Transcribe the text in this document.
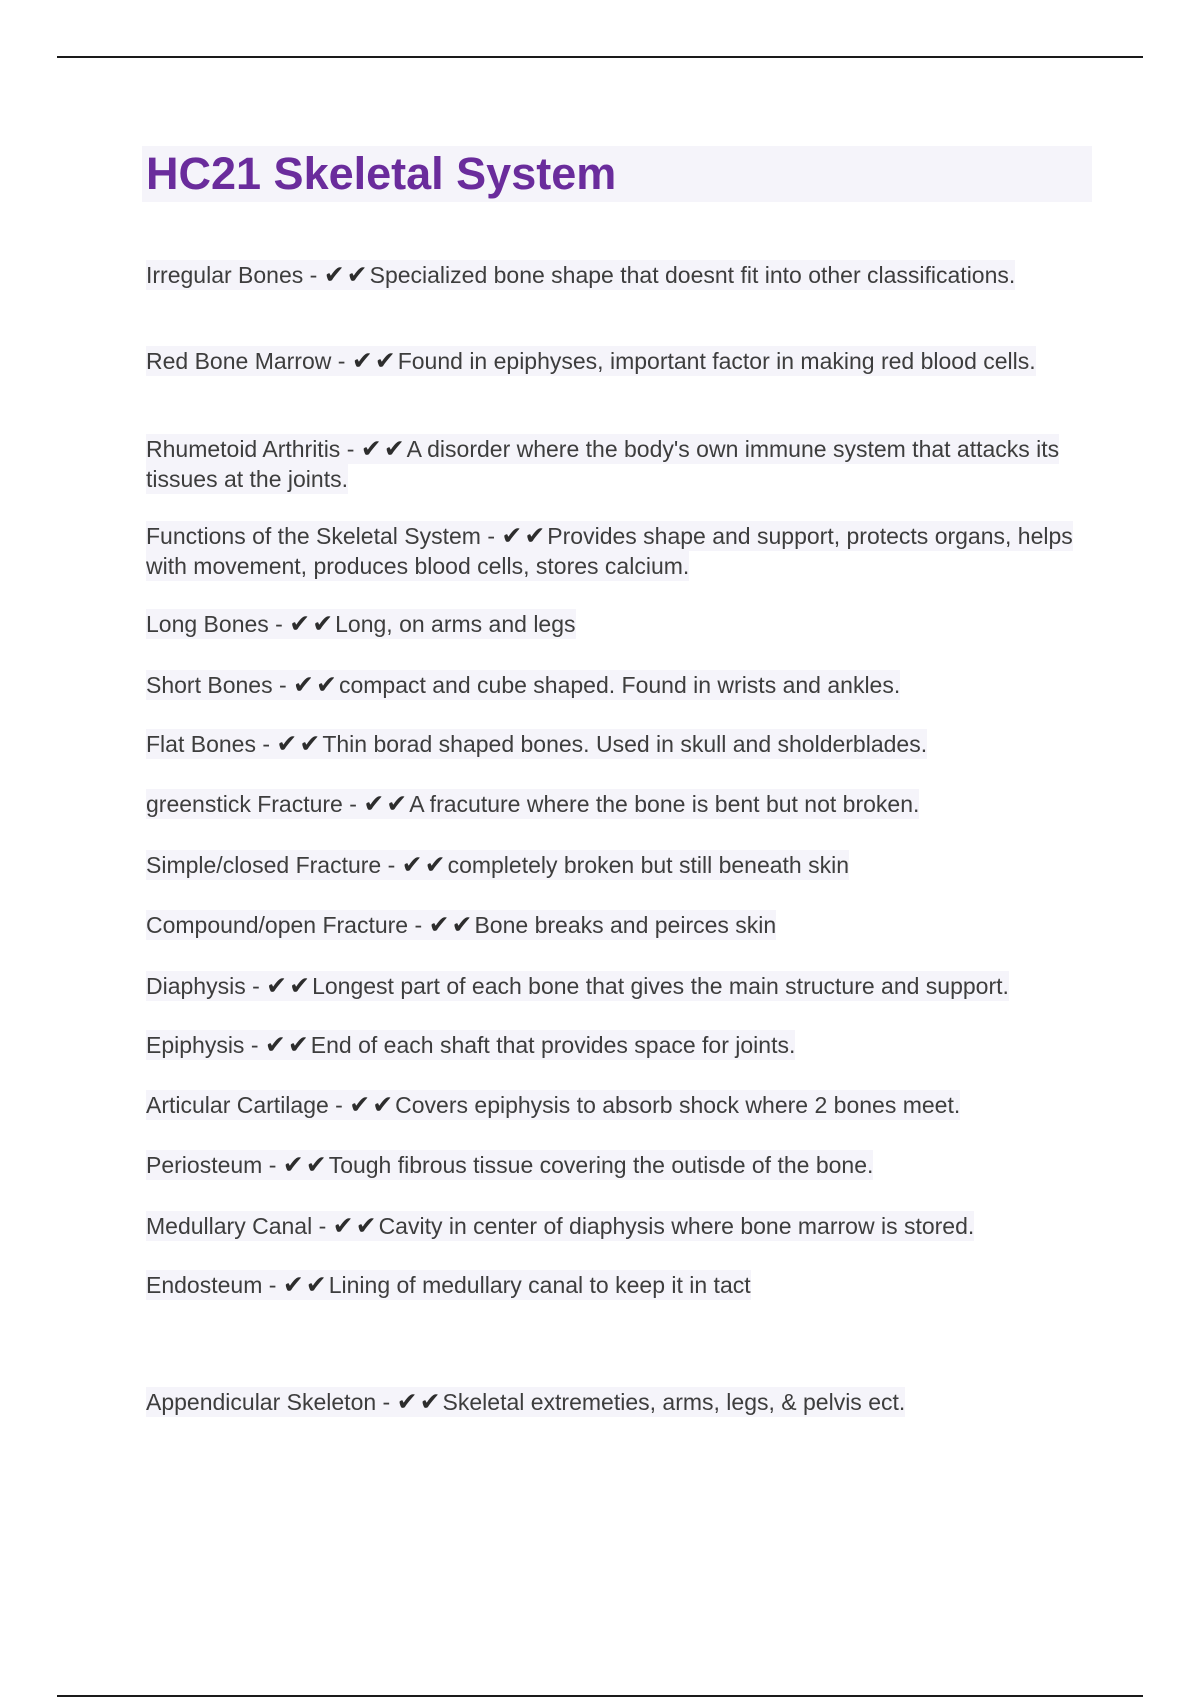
HC21 Skeletal System
Irregular Bones - ✔✔Specialized bone shape that doesnt fit into other classifications.
Red Bone Marrow - ✔✔Found in epiphyses, important factor in making red blood cells.
Rhumetoid Arthritis - ✔✔A disorder where the body's own immune system that attacks its tissues at the joints.
Functions of the Skeletal System - ✔✔Provides shape and support, protects organs, helps with movement, produces blood cells, stores calcium.
Long Bones - ✔✔Long, on arms and legs
Short Bones - ✔✔compact and cube shaped. Found in wrists and ankles.
Flat Bones - ✔✔Thin borad shaped bones. Used in skull and sholderblades.
greenstick Fracture - ✔✔A fracuture where the bone is bent but not broken.
Simple/closed Fracture - ✔✔completely broken but still beneath skin
Compound/open Fracture - ✔✔Bone breaks and peirces skin
Diaphysis - ✔✔Longest part of each bone that gives the main structure and support.
Epiphysis - ✔✔End of each shaft that provides space for joints.
Articular Cartilage - ✔✔Covers epiphysis to absorb shock where 2 bones meet.
Periosteum - ✔✔Tough fibrous tissue covering the outisde of the bone.
Medullary Canal - ✔✔Cavity in center of diaphysis where bone marrow is stored.
Endosteum - ✔✔Lining of medullary canal to keep it in tact
Appendicular Skeleton - ✔✔Skeletal extremeties, arms, legs, & pelvis ect.
